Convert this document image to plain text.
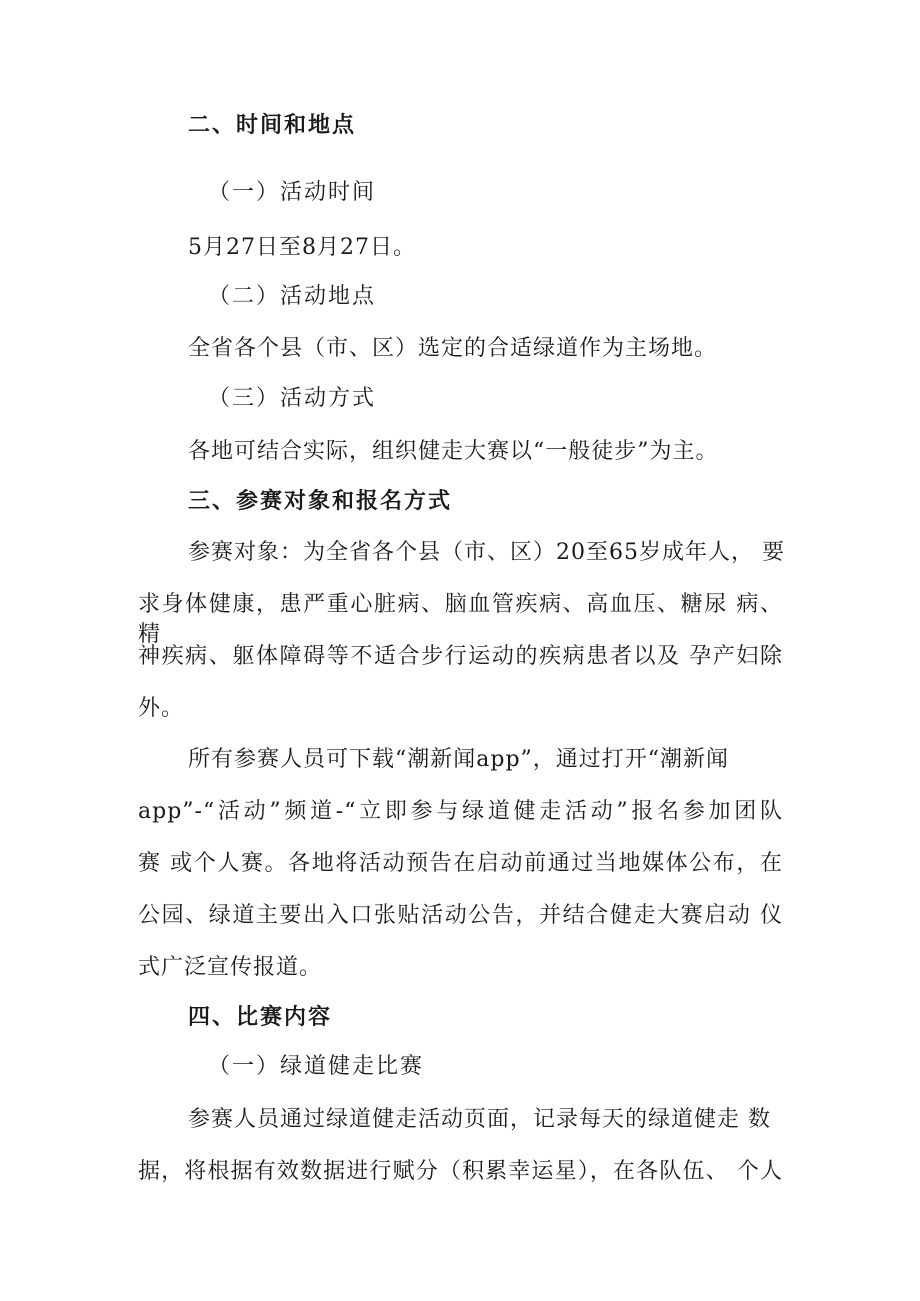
二、时间和地点
（一）活动时间
5月27日至8月27日。
（二）活动地点
全省各个县（市、区）选定的合适绿道作为主场地。
（三）活动方式
各地可结合实际，组织健走大赛以“一般徒步”为主。
三、参赛对象和报名方式
参赛对象：为全省各个县（市、区）20至65岁成年人， 要
求身体健康，患严重心脏病、脑血管疾病、高血压、糖尿 病、精
神疾病、躯体障碍等不适合步行运动的疾病患者以及 孕产妇除
外。
所有参赛人员可下载“潮新闻app”，通过打开“潮新闻
app”-“活动”频道-“立即参与绿道健走活动”报名参加团队
赛 或个人赛。各地将活动预告在启动前通过当地媒体公布，在
公园、绿道主要出入口张贴活动公告，并结合健走大赛启动 仪
式广泛宣传报道。
四、比赛内容
（一）绿道健走比赛
参赛人员通过绿道健走活动页面，记录每天的绿道健走 数
据，将根据有效数据进行赋分（积累幸运星），在各队伍、 个人
